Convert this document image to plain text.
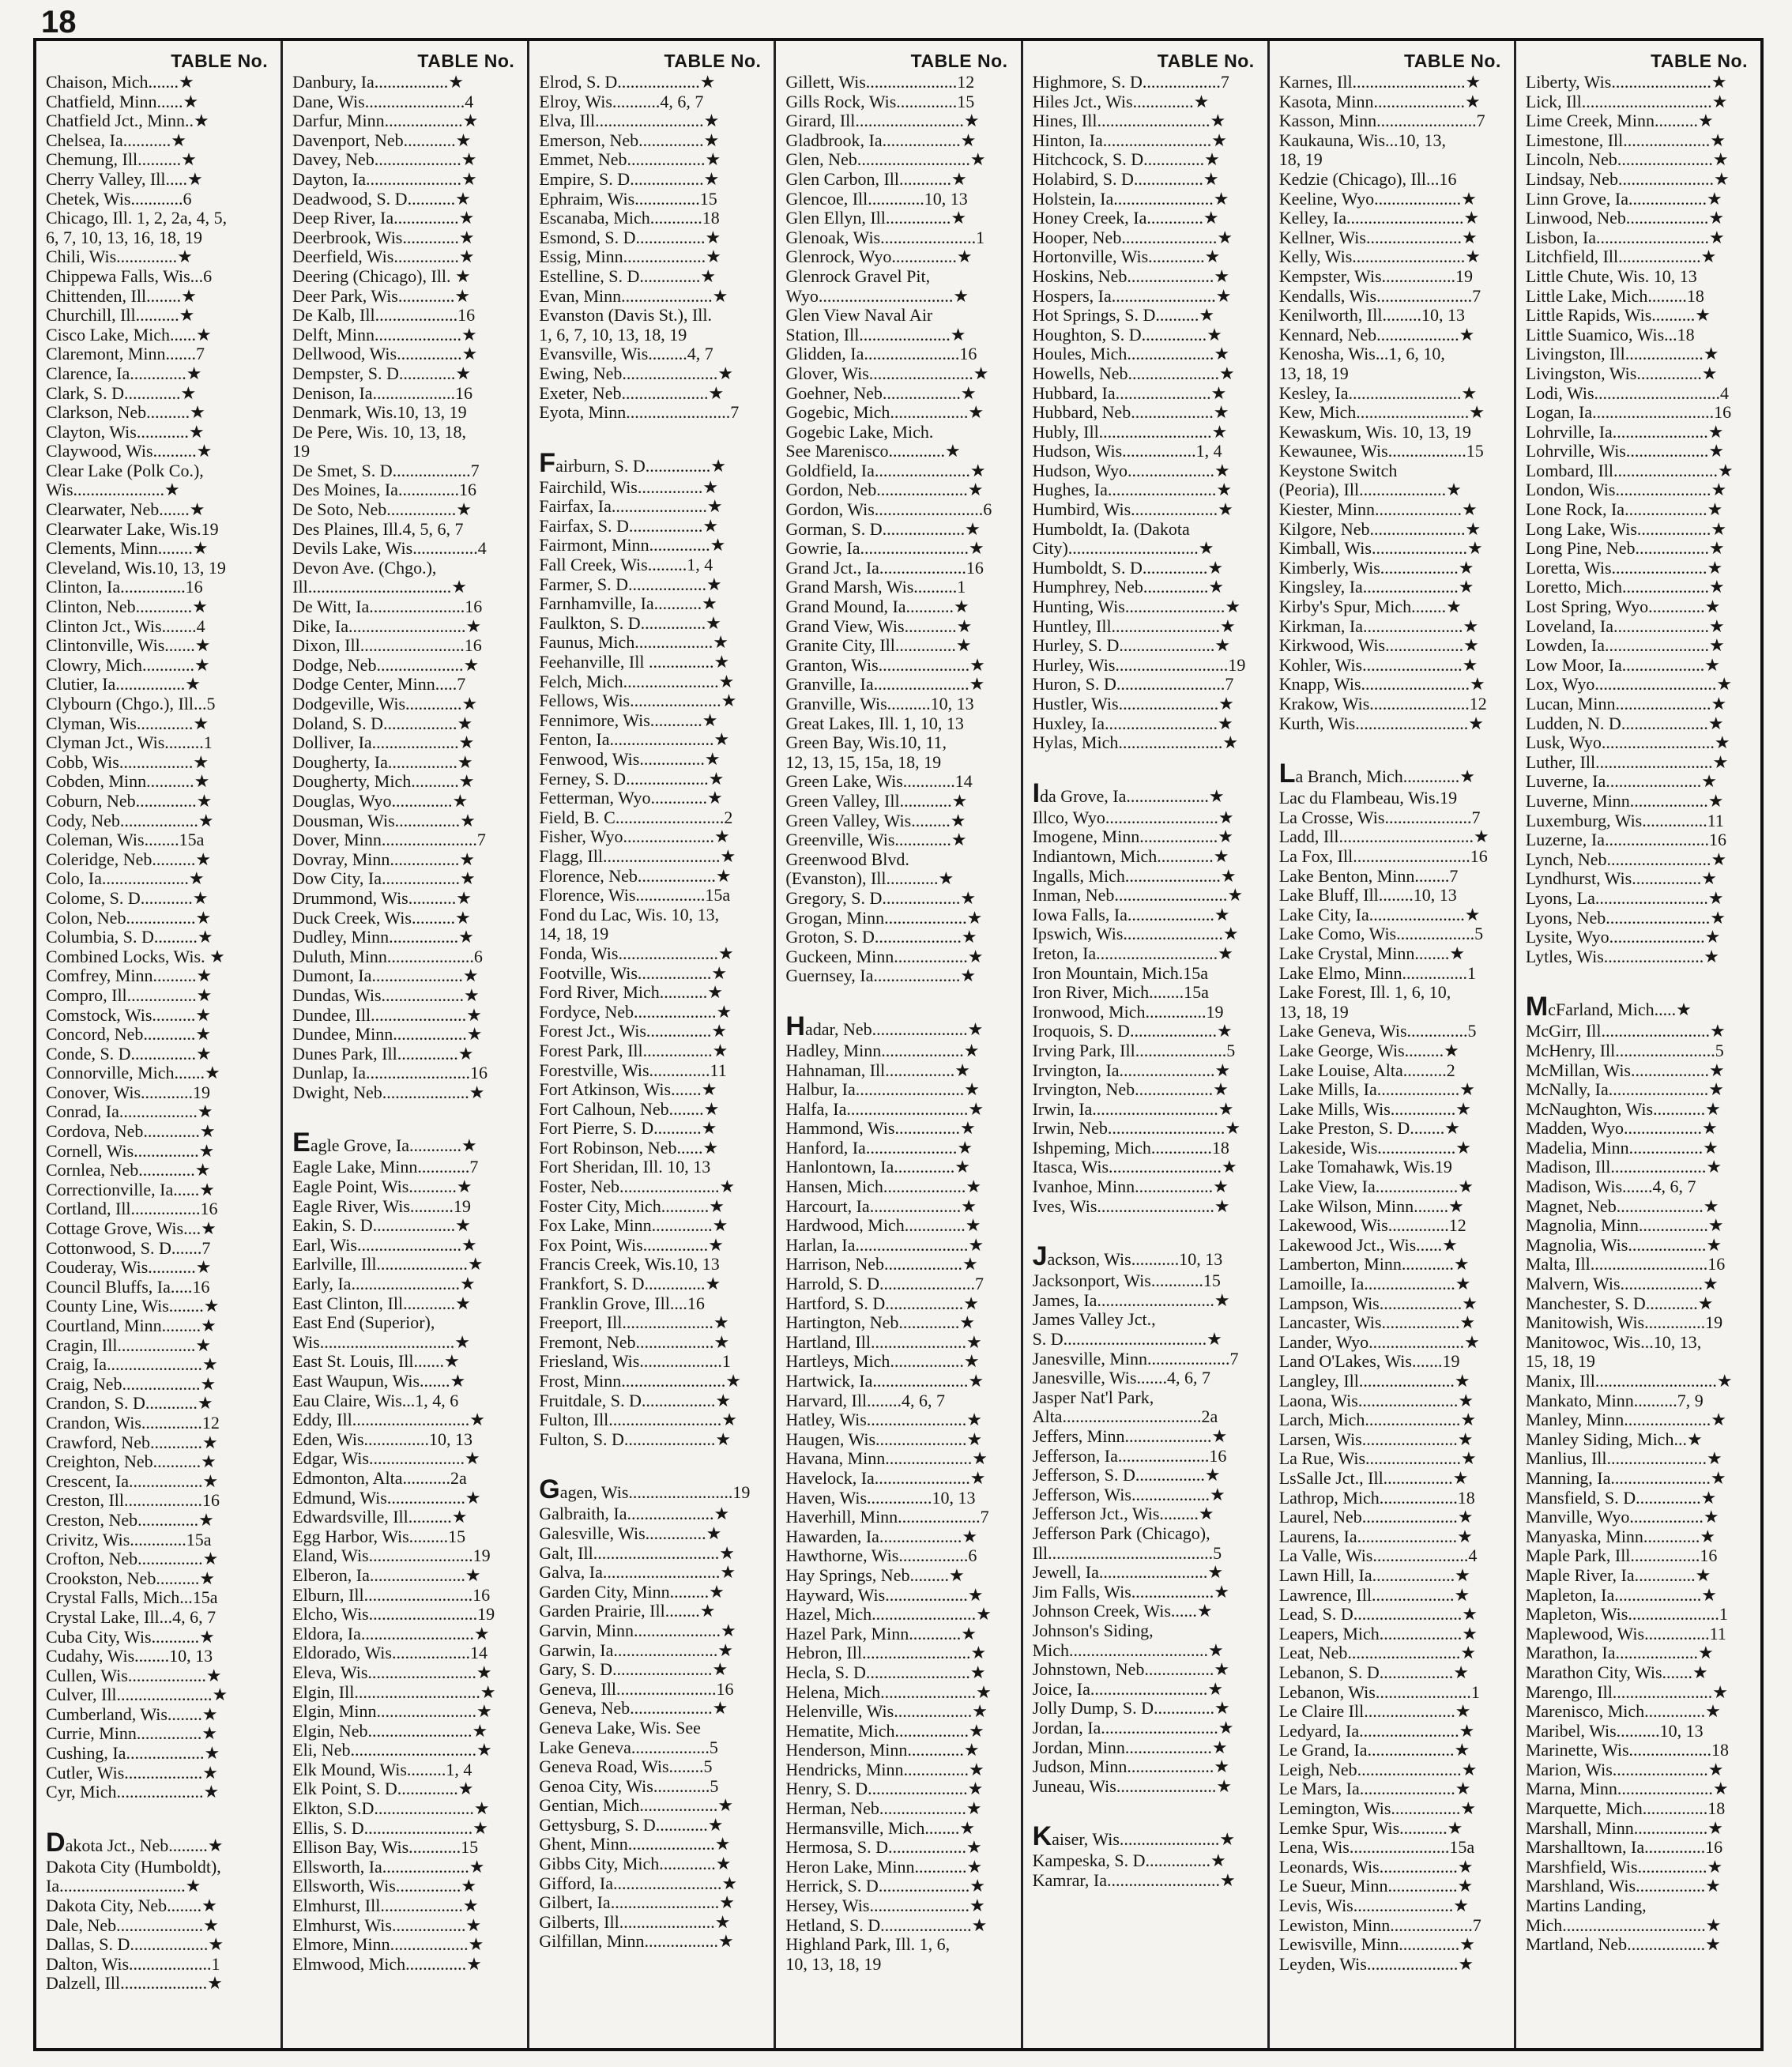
18
TABLE No.
Chaison, Mich.......★
Chatfield, Minn......★
Chatfield Jct., Minn..★
Chelsea, Ia...........★
Chemung, Ill..........★
Cherry Valley, Ill.....★
Chetek, Wis............6
Chicago, Ill. 1, 2, 2a, 4, 5,
6, 7, 10, 13, 16, 18, 19
Chili, Wis..............★
Chippewa Falls, Wis...6
Chittenden, Ill........★
Churchill, Ill..........★
Cisco Lake, Mich......★
Claremont, Minn.......7
Clarence, Ia.............★
Clark, S. D.............★
Clarkson, Neb..........★
Clayton, Wis............★
Claywood, Wis..........★
Clear Lake (Polk Co.),
Wis.....................★
Clearwater, Neb.......★
Clearwater Lake, Wis.19
Clements, Minn........★
Cleveland, Wis.10, 13, 19
Clinton, Ia...............16
Clinton, Neb.............★
Clinton Jct., Wis........4
Clintonville, Wis.......★
Clowry, Mich............★
Clutier, Ia................★
Clybourn (Chgo.), Ill...5
Clyman, Wis.............★
Clyman Jct., Wis.........1
Cobb, Wis.................★
Cobden, Minn...........★
Coburn, Neb..............★
Cody, Neb..................★
Coleman, Wis........15a
Coleridge, Neb..........★
Colo, Ia....................★
Colome, S. D............★
Colon, Neb................★
Columbia, S. D..........★
Combined Locks, Wis. ★
Comfrey, Minn..........★
Compro, Ill................★
Comstock, Wis..........★
Concord, Neb............★
Conde, S. D...............★
Connorville, Mich.......★
Conover, Wis............19
Conrad, Ia..................★
Cordova, Neb.............★
Cornell, Wis...............★
Cornlea, Neb.............★
Correctionville, Ia......★
Cortland, Ill................16
Cottage Grove, Wis....★
Cottonwood, S. D.......7
Couderay, Wis...........★
Council Bluffs, Ia.....16
County Line, Wis........★
Courtland, Minn.........★
Cragin, Ill..................★
Craig, Ia......................★
Craig, Neb..................★
Crandon, S. D............★
Crandon, Wis..............12
Crawford, Neb............★
Creighton, Neb...........★
Crescent, Ia.................★
Creston, Ill..................16
Creston, Neb..............★
Crivitz, Wis.............15a
Crofton, Neb...............★
Crookston, Neb..........★
Crystal Falls, Mich...15a
Crystal Lake, Ill...4, 6, 7
Cuba City, Wis...........★
Cudahy, Wis........10, 13
Cullen, Wis..................★
Culver, Ill......................★
Cumberland, Wis........★
Currie, Minn...............★
Cushing, Ia..................★
Cutler, Wis..................★
Cyr, Mich....................★
Dakota Jct., Neb.........★
Dakota City (Humboldt),
Ia.............................★
Dakota City, Neb........★
Dale, Neb....................★
Dallas, S. D..................★
Dalton, Wis...................1
Dalzell, Ill....................★
TABLE No.
Danbury, Ia.................★
Dane, Wis.......................4
Darfur, Minn..................★
Davenport, Neb............★
Davey, Neb....................★
Dayton, Ia......................★
Deadwood, S. D...........★
Deep River, Ia...............★
Deerbrook, Wis.............★
Deerfield, Wis...............★
Deering (Chicago), Ill. ★
Deer Park, Wis.............★
De Kalb, Ill...................16
Delft, Minn....................★
Dellwood, Wis...............★
Dempster, S. D.............★
Denison, Ia...................16
Denmark, Wis.10, 13, 19
De Pere, Wis. 10, 13, 18,
19
De Smet, S. D..................7
Des Moines, Ia..............16
De Soto, Neb................★
Des Plaines, Ill.4, 5, 6, 7
Devils Lake, Wis...............4
Devon Ave. (Chgo.),
Ill.................................★
De Witt, Ia......................16
Dike, Ia...........................★
Dixon, Ill........................16
Dodge, Neb....................★
Dodge Center, Minn.....7
Dodgeville, Wis.............★
Doland, S. D.................★
Dolliver, Ia....................★
Dougherty, Ia................★
Dougherty, Mich...........★
Douglas, Wyo..............★
Dousman, Wis...............★
Dover, Minn......................7
Dovray, Minn................★
Dow City, Ia..................★
Drummond, Wis...........★
Duck Creek, Wis..........★
Dudley, Minn................★
Duluth, Minn....................6
Dumont, Ia.....................★
Dundas, Wis...................★
Dundee, Ill......................★
Dundee, Minn.................★
Dunes Park, Ill..............★
Dunlap, Ia........................16
Dwight, Neb....................★
Eagle Grove, Ia............★
Eagle Lake, Minn............7
Eagle Point, Wis...........★
Eagle River, Wis..........19
Eakin, S. D...................★
Earl, Wis........................★
Earlville, Ill.....................★
Early, Ia.........................★
East Clinton, Ill............★
East End (Superior),
Wis...............................★
East St. Louis, Ill.......★
East Waupun, Wis.......★
Eau Claire, Wis...1, 4, 6
Eddy, Ill...........................★
Eden, Wis...............10, 13
Edgar, Wis......................★
Edmonton, Alta...........2a
Edmund, Wis..................★
Edwardsville, Ill..........★
Egg Harbor, Wis.........15
Eland, Wis........................19
Elberon, Ia......................★
Elburn, Ill.........................16
Elcho, Wis.........................19
Eldora, Ia..........................★
Eldorado, Wis..................14
Eleva, Wis.........................★
Elgin, Ill.............................★
Elgin, Minn.......................★
Elgin, Neb........................★
Eli, Neb.............................★
Elk Mound, Wis.........1, 4
Elk Point, S. D..............★
Elkton, S.D.......................★
Ellis, S. D.........................★
Ellison Bay, Wis............15
Ellsworth, Ia....................★
Ellsworth, Wis...............★
Elmhurst, Ill...................★
Elmhurst, Wis.................★
Elmore, Minn..................★
Elmwood, Mich..............★
TABLE No.
Elrod, S. D...................★
Elroy, Wis...........4, 6, 7
Elva, Ill.........................★
Emerson, Neb...............★
Emmet, Neb..................★
Empire, S. D.................★
Ephraim, Wis...............15
Escanaba, Mich............18
Esmond, S. D................★
Essig, Minn...................★
Estelline, S. D..............★
Evan, Minn.....................★
Evanston (Davis St.), Ill.
1, 6, 7, 10, 13, 18, 19
Evansville, Wis.........4, 7
Ewing, Neb......................★
Exeter, Neb....................★
Eyota, Minn........................7
Fairburn, S. D...............★
Fairchild, Wis...............★
Fairfax, Ia......................★
Fairfax, S. D.................★
Fairmont, Minn..............★
Fall Creek, Wis.........1, 4
Farmer, S. D..................★
Farnhamville, Ia...........★
Faulkton, S. D...............★
Faunus, Mich..................★
Feehanville, Ill ...............★
Felch, Mich......................★
Fellows, Wis.....................★
Fennimore, Wis............★
Fenton, Ia........................★
Fenwood, Wis...............★
Ferney, S. D...................★
Fetterman, Wyo.............★
Field, B. C.........................2
Fisher, Wyo.....................★
Flagg, Ill...........................★
Florence, Neb..................★
Florence, Wis................15a
Fond du Lac, Wis. 10, 13,
14, 18, 19
Fonda, Wis.......................★
Footville, Wis.................★
Ford River, Mich...........★
Fordyce, Neb...................★
Forest Jct., Wis...............★
Forest Park, Ill................★
Forestville, Wis..............11
Fort Atkinson, Wis.......★
Fort Calhoun, Neb........★
Fort Pierre, S. D...........★
Fort Robinson, Neb......★
Fort Sheridan, Ill. 10, 13
Foster, Neb.......................★
Foster City, Mich...........★
Fox Lake, Minn..............★
Fox Point, Wis...............★
Francis Creek, Wis.10, 13
Frankfort, S. D..............★
Franklin Grove, Ill....16
Freeport, Ill.....................★
Fremont, Neb..................★
Friesland, Wis...................1
Frost, Minn........................★
Fruitdale, S. D.................★
Fulton, Ill..........................★
Fulton, S. D.....................★
Gagen, Wis........................19
Galbraith, Ia....................★
Galesville, Wis..............★
Galt, Ill.............................★
Galva, Ia...........................★
Garden City, Minn.........★
Garden Prairie, Ill........★
Garvin, Minn....................★
Garwin, Ia........................★
Gary, S. D.......................★
Geneva, Ill.......................16
Geneva, Neb...................★
Geneva Lake, Wis. See
Lake Geneva..................5
Geneva Road, Wis........5
Genoa City, Wis.............5
Gentian, Mich..................★
Gettysburg, S. D............★
Ghent, Minn....................★
Gibbs City, Mich.............★
Gifford, Ia.........................★
Gilbert, Ia.........................★
Gilberts, Ill......................★
Gilfillan, Minn.................★
TABLE No.
Gillett, Wis.....................12
Gills Rock, Wis..............15
Girard, Ill.........................★
Gladbrook, Ia..................★
Glen, Neb..........................★
Glen Carbon, Ill............★
Glencoe, Ill.............10, 13
Glen Ellyn, Ill...............★
Glenoak, Wis......................1
Glenrock, Wyo...............★
Glenrock Gravel Pit,
Wyo...............................★
Glen View Naval Air
Station, Ill.....................★
Glidden, Ia......................16
Glover, Wis........................★
Goehner, Neb..................★
Gogebic, Mich..................★
Gogebic Lake, Mich.
See Marenisco.............★
Goldfield, Ia......................★
Gordon, Neb.....................★
Gordon, Wis.........................6
Gorman, S. D...................★
Gowrie, Ia.........................★
Grand Jct., Ia....................16
Grand Marsh, Wis..........1
Grand Mound, Ia...........★
Grand View, Wis............★
Granite City, Ill..............★
Granton, Wis.....................★
Granville, Ia......................★
Granville, Wis..........10, 13
Great Lakes, Ill. 1, 10, 13
Green Bay, Wis.10, 11,
12, 13, 15, 15a, 18, 19
Green Lake, Wis............14
Green Valley, Ill............★
Green Valley, Wis.........★
Greenville, Wis.............★
Greenwood Blvd.
(Evanston), Ill............★
Gregory, S. D..................★
Grogan, Minn...................★
Groton, S. D....................★
Guckeen, Minn.................★
Guernsey, Ia....................★
Hadar, Neb......................★
Hadley, Minn...................★
Hahnaman, Ill................★
Halbur, Ia.........................★
Halfa, Ia............................★
Hammond, Wis...............★
Hanford, Ia.....................★
Hanlontown, Ia..............★
Hansen, Mich...................★
Harcourt, Ia.....................★
Hardwood, Mich..............★
Harlan, Ia..........................★
Harrison, Neb..................★
Harrold, S. D......................7
Hartford, S. D..................★
Hartington, Neb..............★
Hartland, Ill......................★
Hartleys, Mich.................★
Hartwick, Ia......................★
Harvard, Ill........4, 6, 7
Hatley, Wis.......................★
Haugen, Wis.....................★
Havana, Minn....................★
Havelock, Ia......................★
Haven, Wis...............10, 13
Haverhill, Minn...................7
Hawarden, Ia...................★
Hawthorne, Wis................6
Hay Springs, Neb.........★
Hayward, Wis...................★
Hazel, Mich........................★
Hazel Park, Minn............★
Hebron, Ill.........................★
Hecla, S. D........................★
Helena, Mich......................★
Helenville, Wis..................★
Hematite, Mich.................★
Henderson, Minn.............★
Hendricks, Minn...............★
Henry, S. D.......................★
Herman, Neb....................★
Hermansville, Mich........★
Hermosa, S. D..................★
Heron Lake, Minn............★
Herrick, S. D.....................★
Hersey, Wis.......................★
Hetland, S. D.....................★
Highland Park, Ill. 1, 6,
10, 13, 18, 19
TABLE No.
Highmore, S. D..................7
Hiles Jct., Wis..............★
Hines, Ill..........................★
Hinton, Ia.........................★
Hitchcock, S. D..............★
Holabird, S. D................★
Holstein, Ia.......................★
Honey Creek, Ia.............★
Hooper, Neb......................★
Hortonville, Wis.............★
Hoskins, Neb....................★
Hospers, Ia........................★
Hot Springs, S. D..........★
Houghton, S. D...............★
Houles, Mich....................★
Howells, Neb.....................★
Hubbard, Ia......................★
Hubbard, Neb...................★
Hubly, Ill..........................★
Hudson, Wis.................1, 4
Hudson, Wyo....................★
Hughes, Ia.........................★
Humbird, Wis....................★
Humboldt, Ia. (Dakota
City)..............................★
Humboldt, S. D...............★
Humphrey, Neb...............★
Hunting, Wis.......................★
Huntley, Ill.........................★
Hurley, S. D......................★
Hurley, Wis..........................19
Huron, S. D.........................7
Hustler, Wis.......................★
Huxley, Ia..........................★
Hylas, Mich........................★
Ida Grove, Ia...................★
Illco, Wyo..........................★
Imogene, Minn..................★
Indiantown, Mich.............★
Ingalls, Mich......................★
Inman, Neb..........................★
Iowa Falls, Ia....................★
Ipswich, Wis.......................★
Ireton, Ia............................★
Iron Mountain, Mich.15a
Iron River, Mich........15a
Ironwood, Mich..............19
Iroquois, S. D....................★
Irving Park, Ill.....................5
Irvington, Ia......................★
Irvington, Neb..................★
Irwin, Ia.............................★
Irwin, Neb...........................★
Ishpeming, Mich..............18
Itasca, Wis..........................★
Ivanhoe, Minn..................★
Ives, Wis...........................★
Jackson, Wis...........10, 13
Jacksonport, Wis............15
James, Ia...........................★
James Valley Jct.,
S. D.................................★
Janesville, Minn...................7
Janesville, Wis.......4, 6, 7
Jasper Nat'l Park,
Alta................................2a
Jeffers, Minn....................★
Jefferson, Ia.....................16
Jefferson, S. D................★
Jefferson, Wis..................★
Jefferson Jct., Wis.........★
Jefferson Park (Chicago),
Ill......................................5
Jewell, Ia.........................★
Jim Falls, Wis...................★
Johnson Creek, Wis......★
Johnson's Siding,
Mich................................★
Johnstown, Neb................★
Joice, Ia...........................★
Jolly Dump, S. D..............★
Jordan, Ia...........................★
Jordan, Minn....................★
Judson, Minn....................★
Juneau, Wis.......................★
Kaiser, Wis.......................★
Kampeska, S. D...............★
Kamrar, Ia..........................★
TABLE No.
Karnes, Ill..........................★
Kasota, Minn.....................★
Kasson, Minn.......................7
Kaukauna, Wis...10, 13,
18, 19
Kedzie (Chicago), Ill...16
Keeline, Wyo....................★
Kelley, Ia...........................★
Kellner, Wis......................★
Kelly, Wis..........................★
Kempster, Wis.................19
Kendalls, Wis......................7
Kenilworth, Ill.........10, 13
Kennard, Neb...................★
Kenosha, Wis...1, 6, 10,
13, 18, 19
Kesley, Ia..........................★
Kew, Mich..........................★
Kewaskum, Wis. 10, 13, 19
Kewaunee, Wis..................15
Keystone Switch
(Peoria), Ill....................★
Kiester, Minn....................★
Kilgore, Neb......................★
Kimball, Wis......................★
Kimberly, Wis..................★
Kingsley, Ia......................★
Kirby's Spur, Mich........★
Kirkman, Ia.......................★
Kirkwood, Wis..................★
Kohler, Wis.......................★
Knapp, Wis.........................★
Krakow, Wis.......................12
Kurth, Wis..........................★
La Branch, Mich.............★
Lac du Flambeau, Wis.19
La Crosse, Wis....................7
Ladd, Ill...............................★
La Fox, Ill...........................16
Lake Benton, Minn........7
Lake Bluff, Ill........10, 13
Lake City, Ia......................★
Lake Como, Wis..................5
Lake Crystal, Minn........★
Lake Elmo, Minn...............1
Lake Forest, Ill. 1, 6, 10,
13, 18, 19
Lake Geneva, Wis..............5
Lake George, Wis.........★
Lake Louise, Alta..........2
Lake Mills, Ia...................★
Lake Mills, Wis...............★
Lake Preston, S. D........★
Lakeside, Wis..................★
Lake Tomahawk, Wis.19
Lake View, Ia...................★
Lake Wilson, Minn........★
Lakewood, Wis..............12
Lakewood Jct., Wis......★
Lamberton, Minn............★
Lamoille, Ia.....................★
Lampson, Wis...................★
Lancaster, Wis..................★
Lander, Wyo......................★
Land O'Lakes, Wis.......19
Langley, Ill......................★
Laona, Wis.......................★
Larch, Mich......................★
Larsen, Wis......................★
La Rue, Wis......................★
LsSalle Jct., Ill................★
Lathrop, Mich..................18
Laurel, Neb......................★
Laurens, Ia.......................★
La Valle, Wis......................4
Lawn Hill, Ia...................★
Lawrence, Ill...................★
Lead, S. D.........................★
Leapers, Mich...................★
Leat, Neb..........................★
Lebanon, S. D.................★
Lebanon, Wis......................1
Le Claire Ill.....................★
Ledyard, Ia.......................★
Le Grand, Ia....................★
Leigh, Neb........................★
Le Mars, Ia......................★
Lemington, Wis................★
Lemke Spur, Wis...........★
Lena, Wis.......................15a
Leonards, Wis..................★
Le Sueur, Minn................★
Levis, Wis.......................★
Lewiston, Minn...................7
Lewisville, Minn..............★
Leyden, Wis.....................★
TABLE No.
Liberty, Wis.......................★
Lick, Ill..............................★
Lime Creek, Minn..........★
Limestone, Ill....................★
Lincoln, Neb......................★
Lindsay, Neb......................★
Linn Grove, Ia..................★
Linwood, Neb...................★
Lisbon, Ia..........................★
Litchfield, Ill...................★
Little Chute, Wis. 10, 13
Little Lake, Mich.........18
Little Rapids, Wis..........★
Little Suamico, Wis...18
Livingston, Ill..................★
Livingston, Wis...............★
Lodi, Wis.............................4
Logan, Ia............................16
Lohrville, Ia......................★
Lohrville, Wis...................★
Lombard, Ill........................★
London, Wis......................★
Lone Rock, Ia...................★
Long Lake, Wis.................★
Long Pine, Neb.................★
Loretta, Wis......................★
Loretto, Mich....................★
Lost Spring, Wyo.............★
Loveland, Ia......................★
Lowden, Ia........................★
Low Moor, Ia...................★
Lox, Wyo............................★
Lucan, Minn......................★
Ludden, N. D....................★
Lusk, Wyo..........................★
Luther, Ill...........................★
Luverne, Ia......................★
Luverne, Minn..................★
Luxemburg, Wis...............11
Luzerne, Ia........................16
Lynch, Neb........................★
Lyndhurst, Wis................★
Lyons, La..........................★
Lyons, Neb........................★
Lysite, Wyo......................★
Lytles, Wis.......................★
McFarland, Mich.....★
McGirr, Ill.........................★
McHenry, Ill.......................5
McMillan, Wis..................★
McNally, Ia.......................★
McNaughton, Wis............★
Madden, Wyo..................★
Madelia, Minn.................★
Madison, Ill......................★
Madison, Wis.......4, 6, 7
Magnet, Neb....................★
Magnolia, Minn................★
Magnolia, Wis..................★
Malta, Ill...........................16
Malvern, Wis...................★
Manchester, S. D............★
Manitowish, Wis..............19
Manitowoc, Wis...10, 13,
15, 18, 19
Manix, Ill............................★
Mankato, Minn..........7, 9
Manley, Minn....................★
Manley Siding, Mich...★
Manlius, Ill.......................★
Manning, Ia.......................★
Mansfield, S. D...............★
Manville, Wyo.................★
Manyaska, Minn.............★
Maple Park, Ill................16
Maple River, Ia..............★
Mapleton, Ia....................★
Mapleton, Wis.....................1
Maplewood, Wis...............11
Marathon, Ia...................★
Marathon City, Wis.......★
Marengo, Ill.......................★
Marenisco, Mich..............★
Maribel, Wis..........10, 13
Marinette, Wis...................18
Marion, Wis......................★
Marna, Minn......................★
Marquette, Mich...............18
Marshall, Minn.................★
Marshalltown, Ia..............16
Marshfield, Wis................★
Marshland, Wis................★
Martins Landing,
Mich.................................★
Martland, Neb..................★
